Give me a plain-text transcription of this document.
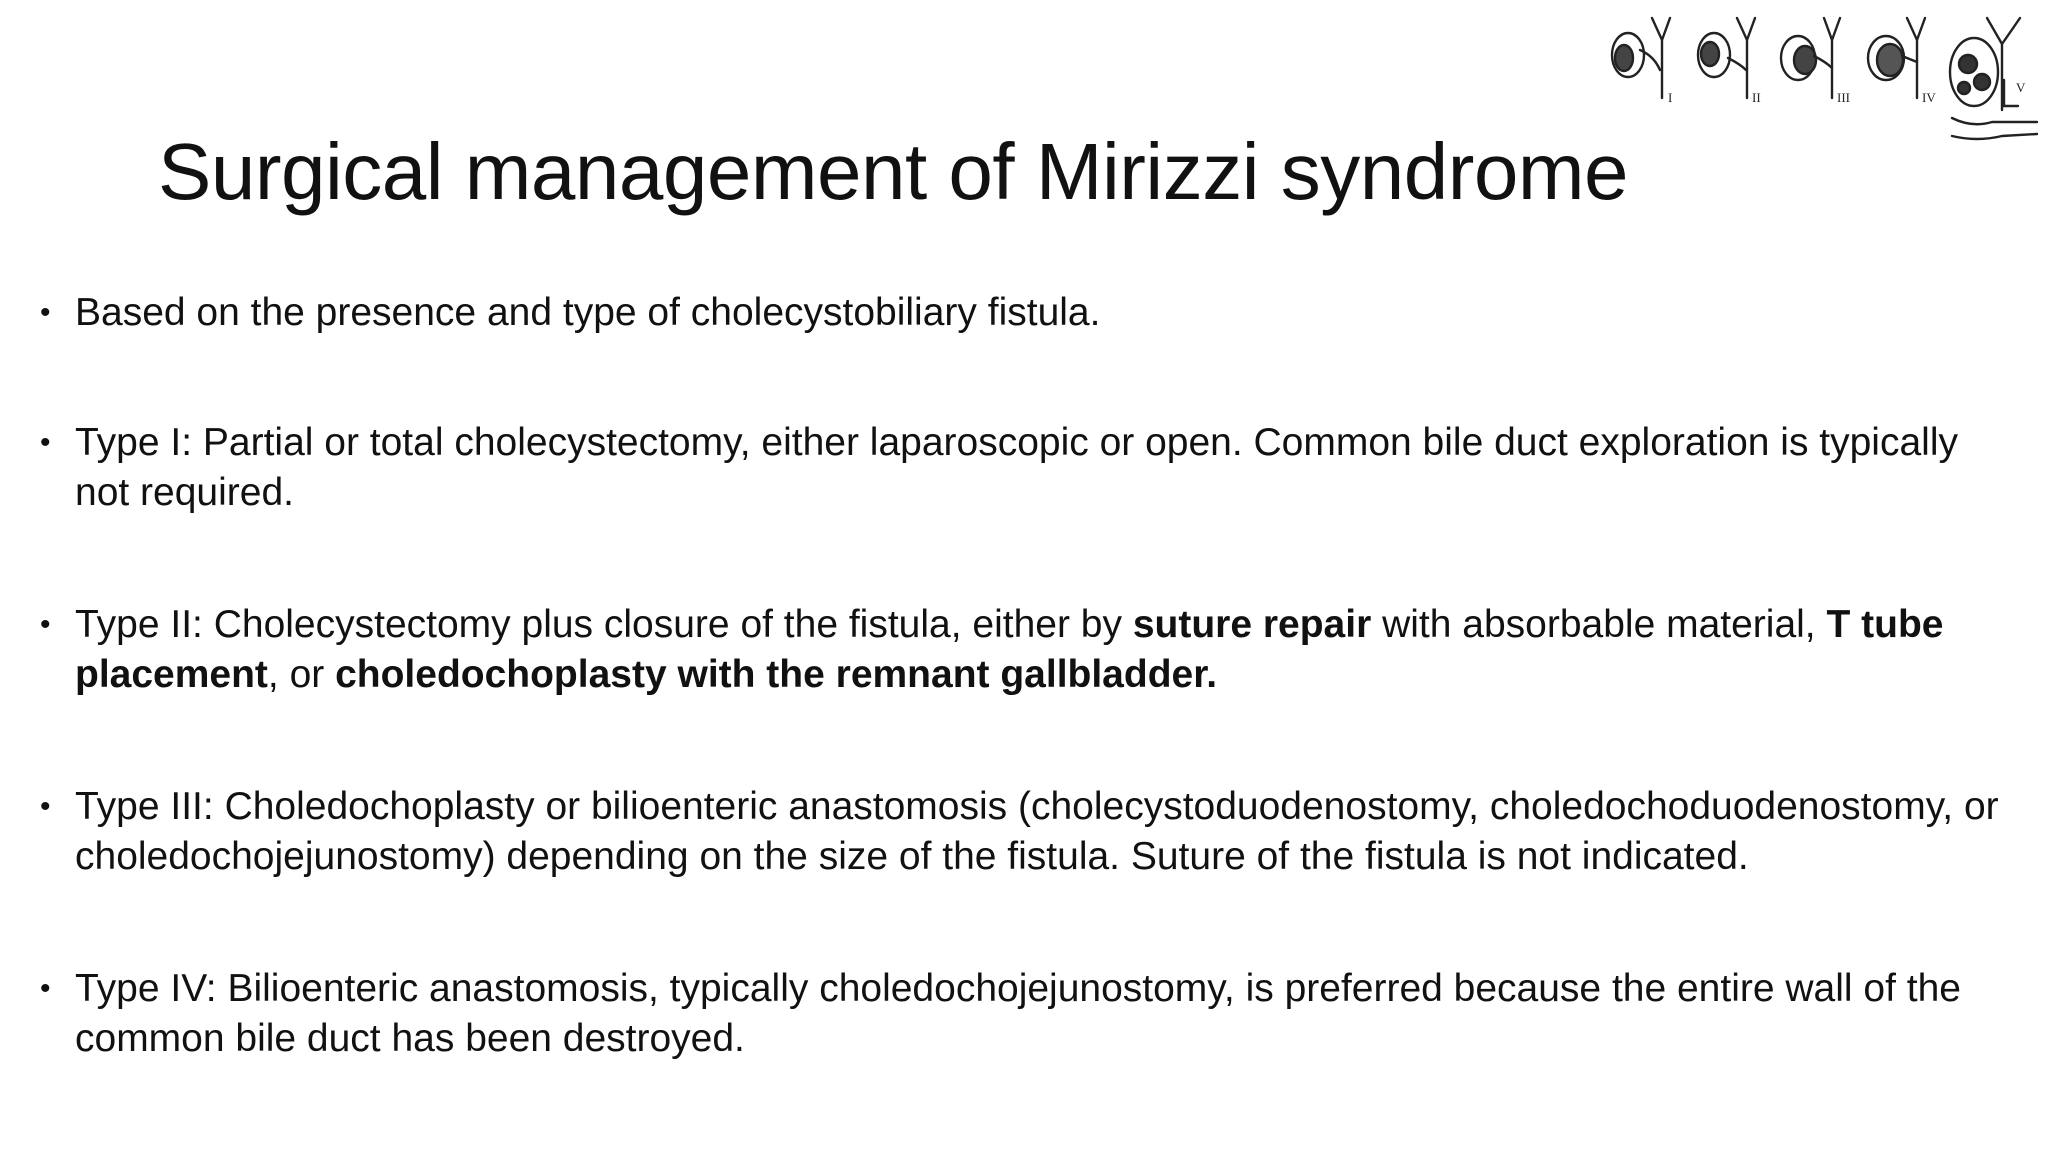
I	II	III	IV
V
Surgical management of Mirizzi syndrome
• Based on the presence and type of cholecystobiliary fistula.
• Type I: Partial or total cholecystectomy, either laparoscopic or open. Common bile duct exploration is typically not required.
• Type II: Cholecystectomy plus closure of the fistula, either by suture repair with absorbable material, T tube placement, or choledochoplasty with the remnant gallbladder.
• Type III: Choledochoplasty or bilioenteric anastomosis (cholecystoduodenostomy, choledochoduodenostomy, or choledochojejunostomy) depending on the size of the fistula. Suture of the fistula is not indicated.
• Type IV: Bilioenteric anastomosis, typically choledochojejunostomy, is preferred because the entire wall of the common bile duct has been destroyed.
